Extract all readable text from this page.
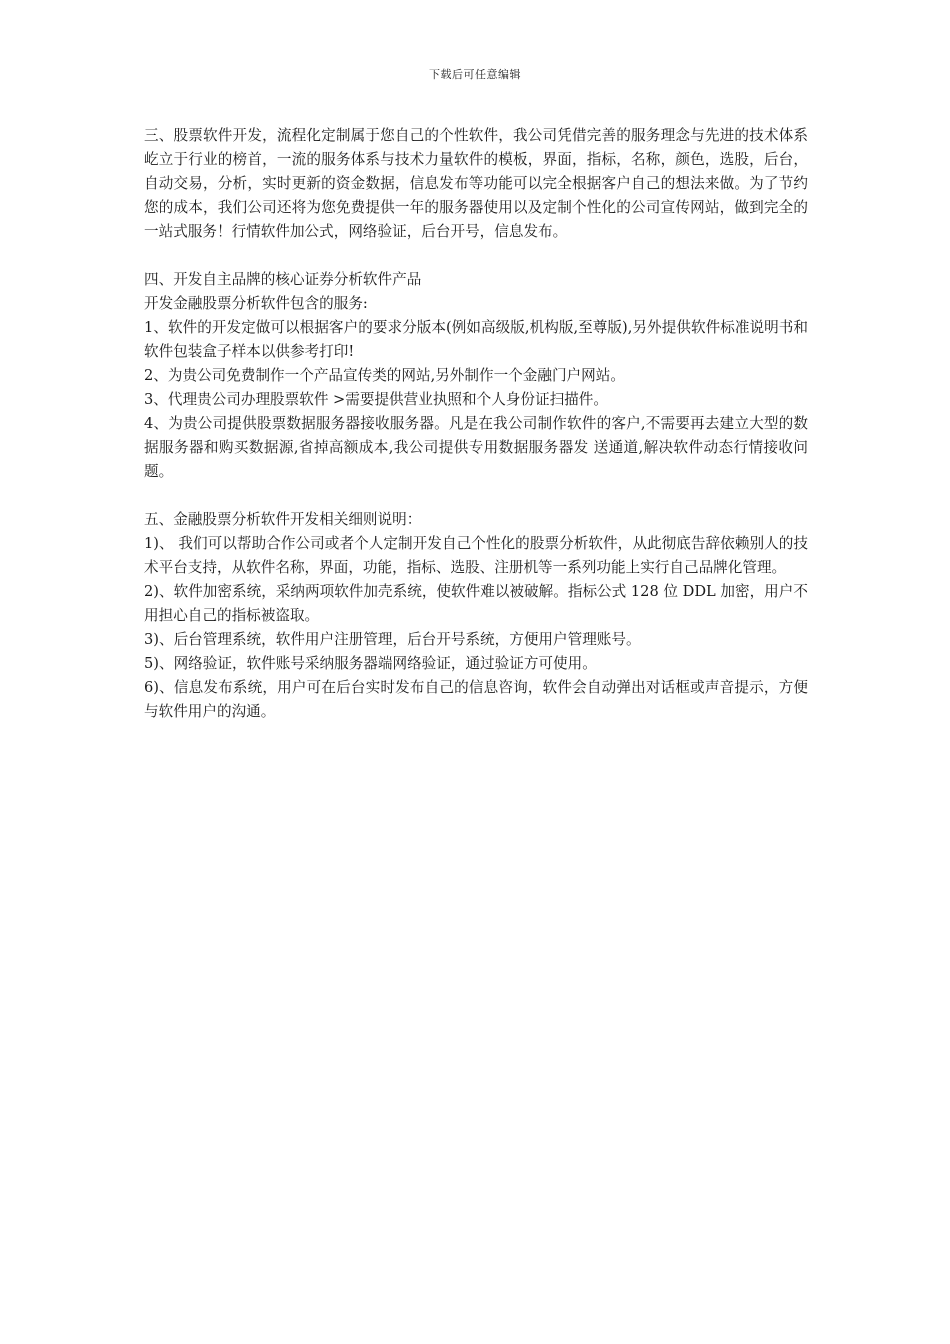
下载后可任意编辑

三、股票软件开发，流程化定制属于您自己的个性软件，我公司凭借完善的服务理念与先进的技术体系屹立于行业的榜首，一流的服务体系与技术力量软件的模板，界面，指标，名称，颜色，选股，后台，自动交易，分析，实时更新的资金数据，信息发布等功能可以完全根据客户自己的想法来做。为了节约您的成本，我们公司还将为您免费提供一年的服务器使用以及定制个性化的公司宣传网站，做到完全的一站式服务！行情软件加公式，网络验证，后台开号，信息发布。

四、开发自主品牌的核心证券分析软件产品

开发金融股票分析软件包含的服务:

1、软件的开发定做可以根据客户的要求分版本(例如高级版,机构版,至尊版),另外提供软件标准说明书和软件包装盒子样本以供参考打印!

2、为贵公司免费制作一个产品宣传类的网站,另外制作一个金融门户网站。

3、代理贵公司办理股票软件 >需要提供营业执照和个人身份证扫描件。

4、为贵公司提供股票数据服务器接收服务器。凡是在我公司制作软件的客户,不需要再去建立大型的数据服务器和购买数据源,省掉高额成本,我公司提供专用数据服务器发 送通道,解决软件动态行情接收问题。

五、金融股票分析软件开发相关细则说明：

1)、 我们可以帮助合作公司或者个人定制开发自己个性化的股票分析软件，从此彻底告辞依赖别人的技术平台支持，从软件名称，界面，功能，指标、选股、注册机等一系列功能上实行自己品牌化管理。

2)、软件加密系统，采纳两项软件加壳系统，使软件难以被破解。指标公式 128 位 DDL 加密，用户不用担心自己的指标被盗取。

3)、后台管理系统，软件用户注册管理，后台开号系统，方便用户管理账号。

5)、网络验证，软件账号采纳服务器端网络验证，通过验证方可使用。

6)、信息发布系统，用户可在后台实时发布自己的信息咨询，软件会自动弹出对话框或声音提示，方便与软件用户的沟通。
